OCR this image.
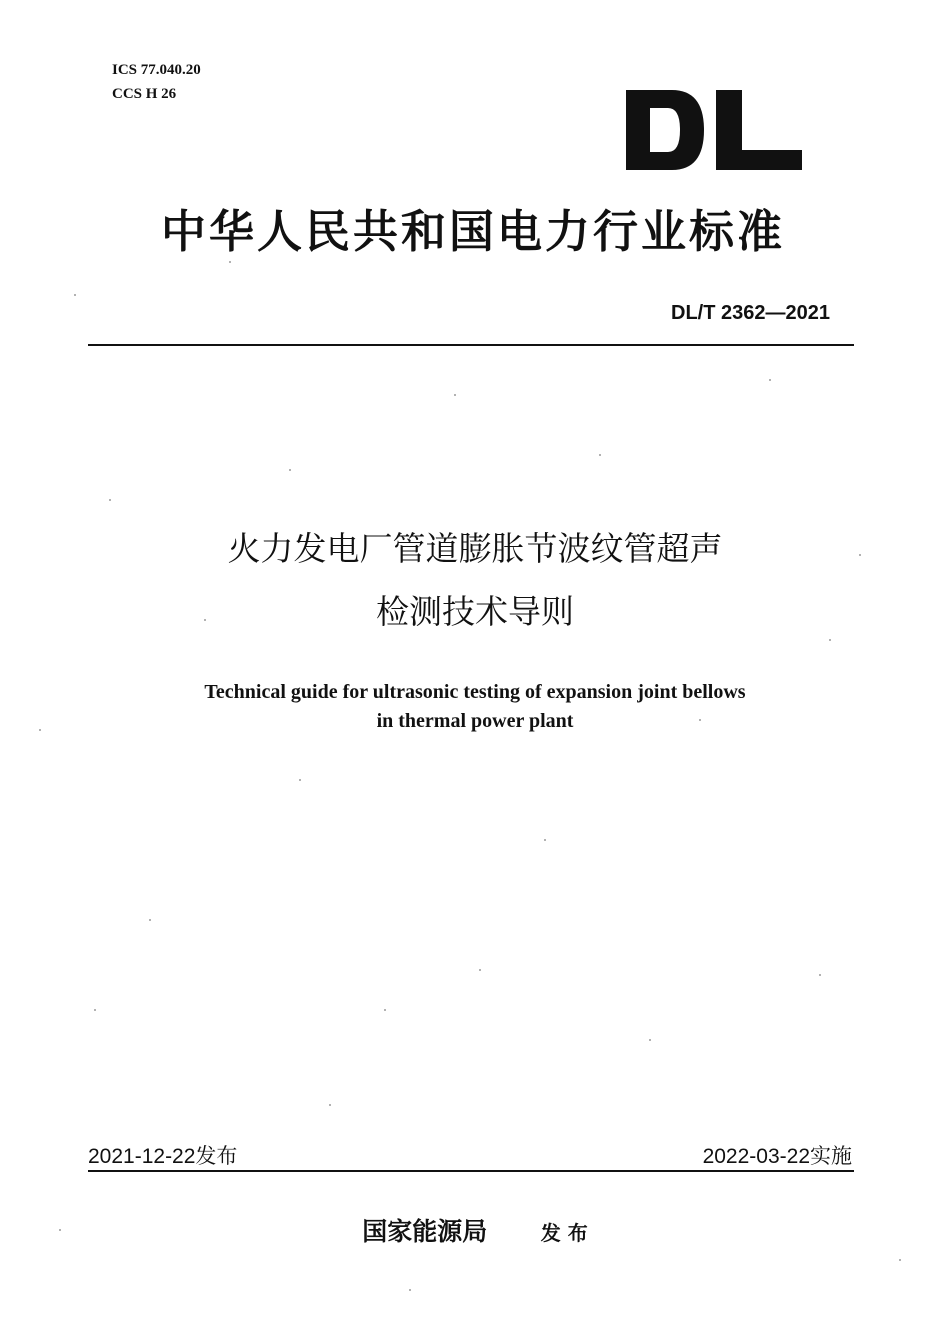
ICS 77.040.20
CCS H 26
中华人民共和国电力行业标准
DL/T 2362—2021
火力发电厂管道膨胀节波纹管超声
检测技术导则
Technical guide for ultrasonic testing of expansion joint bellows
in thermal power plant
2021-12-22发布	2022-03-22实施
国家能源局	发 布
